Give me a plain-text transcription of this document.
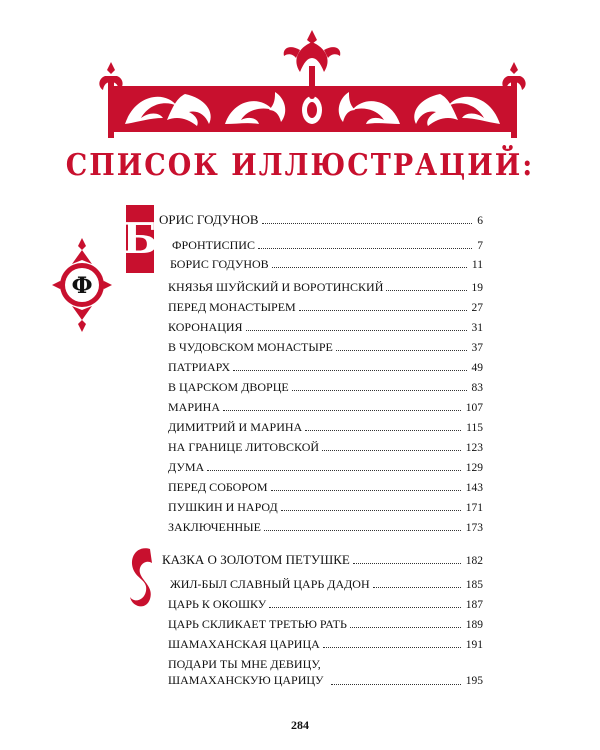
СПИСОК ИЛЛЮСТРАЦИЙ:
Ф
Б ОРИС ГОДУНОВ	6
ФРОНТИСПИС	7
БОРИС ГОДУНОВ	11
КНЯЗЬЯ ШУЙСКИЙ И ВОРОТИНСКИЙ	19
ПЕРЕД МОНАСТЫРЕМ	27
КОРОНАЦИЯ	31
В ЧУДОВСКОМ МОНАСТЫРЕ	37
ПАТРИАРХ	49
В ЦАРСКОМ ДВОРЦЕ	83
МАРИНА	107
ДИМИТРИЙ И МАРИНА	115
НА ГРАНИЦЕ ЛИТОВСКОЙ	123
ДУМА	129
ПЕРЕД СОБОРОМ	143
ПУШКИН И НАРОД	171
ЗАКЛЮЧЕННЫЕ	173
КАЗКА О ЗОЛОТОМ ПЕТУШКЕ	182
ЖИЛ-БЫЛ СЛАВНЫЙ ЦАРЬ ДАДОН	185
ЦАРЬ К ОКОШКУ	187
ЦАРЬ СКЛИКАЕТ ТРЕТЬЮ РАТЬ	189
ШАМАХАНСКАЯ ЦАРИЦА	191
ПОДАРИ ТЫ МНЕ ДЕВИЦУ, ШАМАХАНСКУЮ ЦАРИЦУ	195
284
